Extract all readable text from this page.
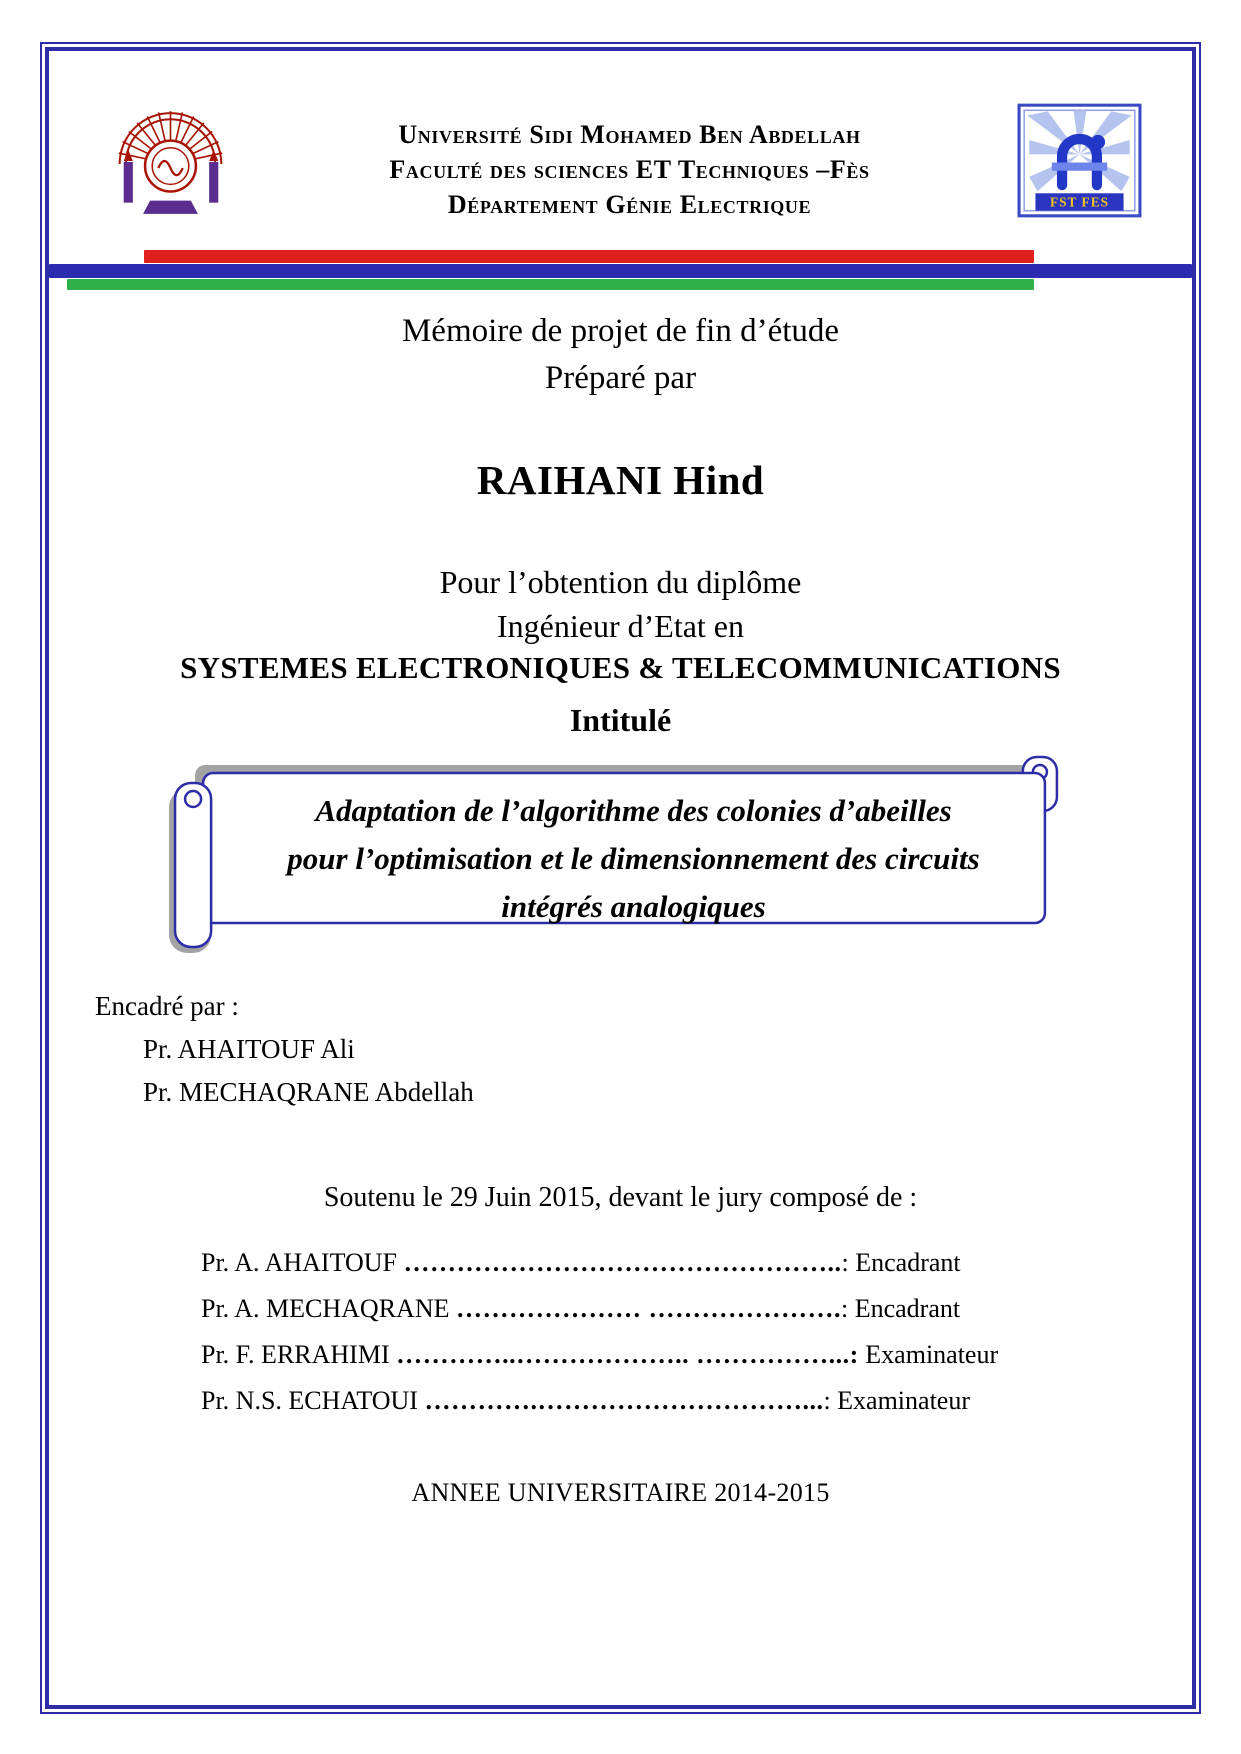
Université Sidi Mohamed Ben Abdellah
Faculté des sciences ET Techniques –Fès
Département Génie Electrique	FST FES
Mémoire de projet de fin d’étude
Préparé par
RAIHANI Hind
Pour l’obtention du diplôme
Ingénieur d’Etat en
SYSTEMES ELECTRONIQUES & TELECOMMUNICATIONS
Intitulé
Adaptation de l’algorithme des colonies d’abeilles
pour l’optimisation et le dimensionnement des circuits
intégrés analogiques
Encadré par :
Pr. AHAITOUF Ali
Pr. MECHAQRANE Abdellah
Soutenu le 29 Juin 2015, devant le jury composé de :
Pr. A. AHAITOUF …………………………………………..: Encadrant
Pr. A. MECHAQRANE ………………… ………………….: Encadrant
Pr. F. ERRAHIMI …………..……………….. ……………...: Examinateur
Pr. N.S. ECHATOUI ………….…………………………...: Examinateur
ANNEE UNIVERSITAIRE 2014-2015
